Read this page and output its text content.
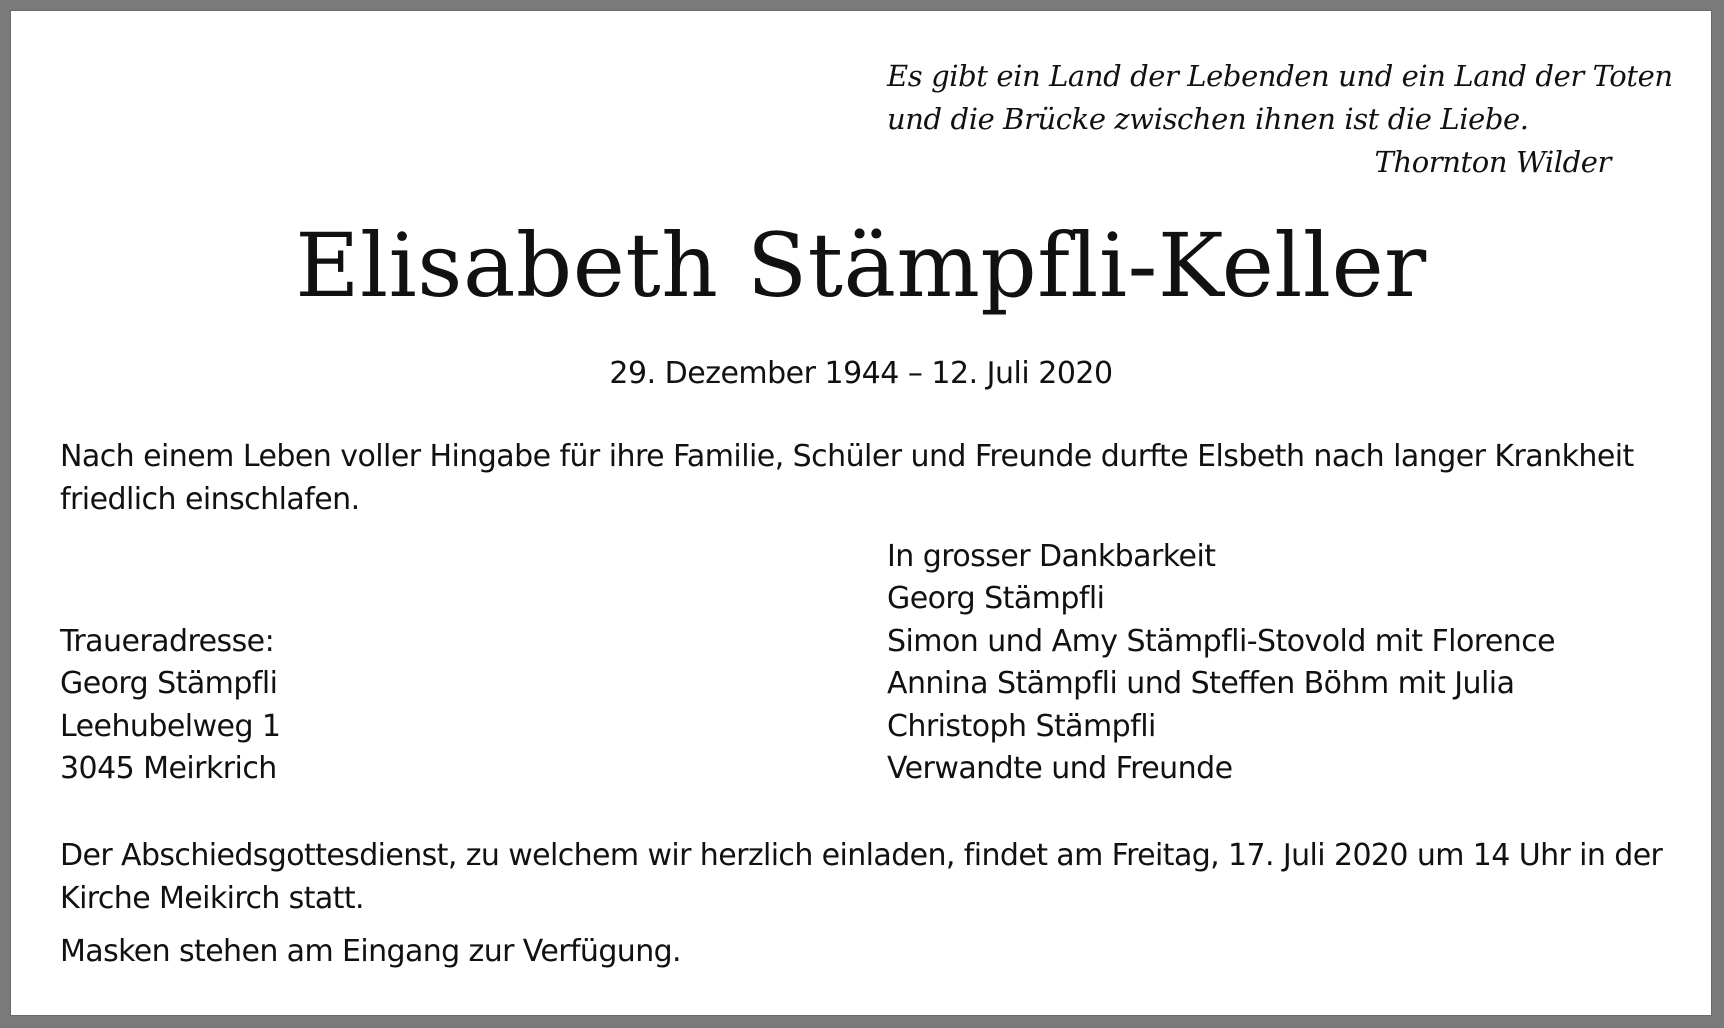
Es gibt ein Land der Lebenden und ein Land der Toten
und die Brücke zwischen ihnen ist die Liebe.
Thornton Wilder
Elisabeth Stämpfli-Keller
29. Dezember 1944 – 12. Juli 2020
Nach einem Leben voller Hingabe für ihre Familie, Schüler und Freunde durfte Elsbeth nach langer Krankheit
friedlich einschlafen.
In grosser Dankbarkeit
Georg Stämpfli
Simon und Amy Stämpfli-Stovold mit Florence
Annina Stämpfli und Steffen Böhm mit Julia
Christoph Stämpfli
Verwandte und Freunde
Traueradresse:
Georg Stämpfli
Leehubelweg 1
3045 Meirkrich
Der Abschiedsgottesdienst, zu welchem wir herzlich einladen, findet am Freitag, 17. Juli 2020 um 14 Uhr in der
Kirche Meikirch statt.
Masken stehen am Eingang zur Verfügung.
